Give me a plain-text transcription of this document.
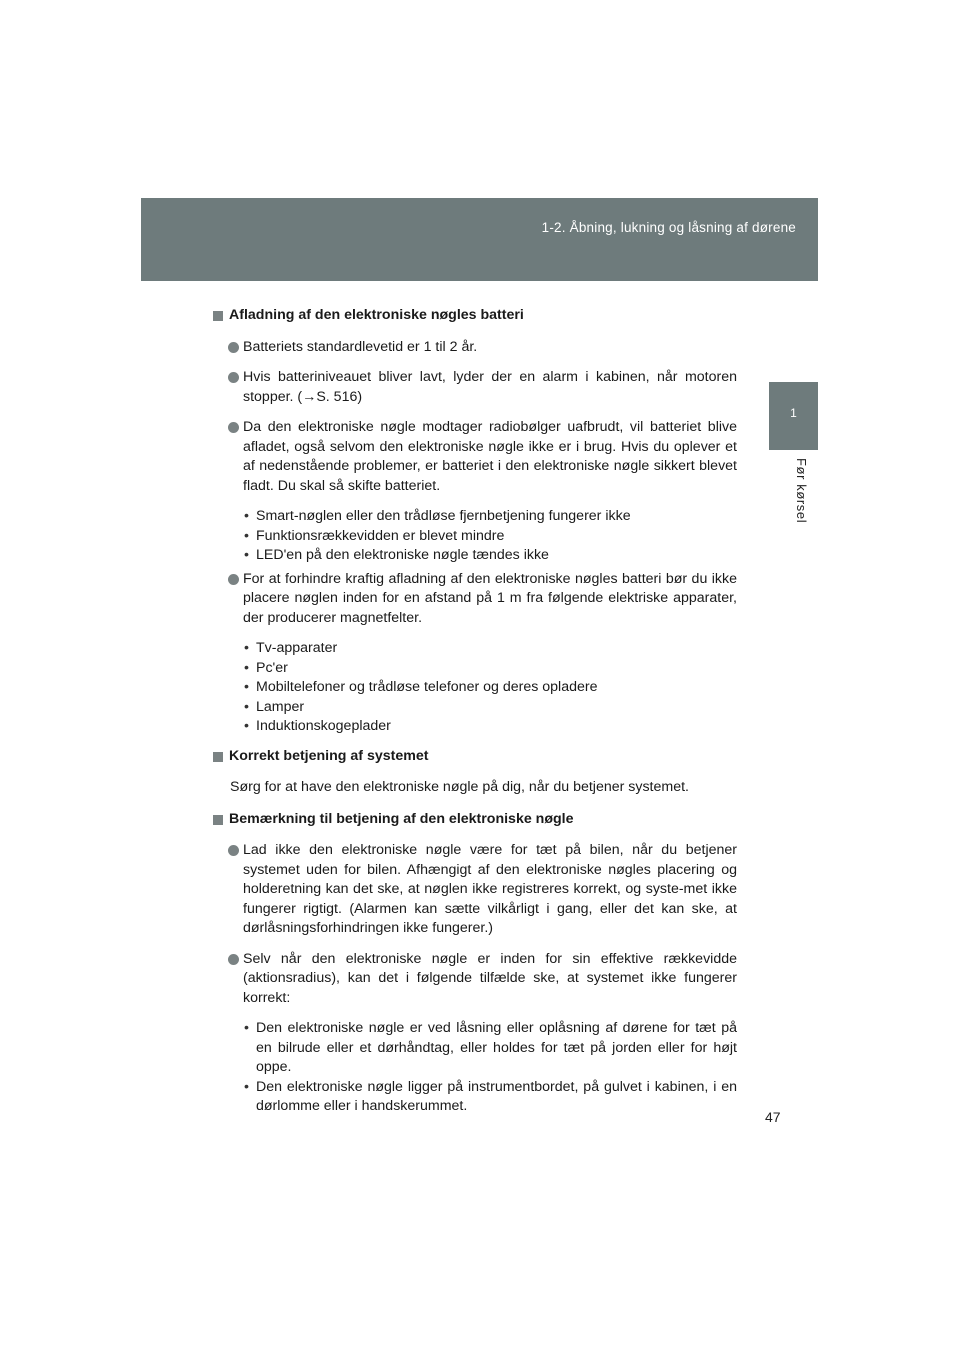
1-2. Åbning, lukning og låsning af dørene
1
Før kørsel
Afladning af den elektroniske nøgles batteri
Batteriets standardlevetid er 1 til 2 år.
Hvis batteriniveauet bliver lavt, lyder der en alarm i kabinen, når motoren stopper. (→S. 516)
Da den elektroniske nøgle modtager radiobølger uafbrudt, vil batteriet blive afladet, også selvom den elektroniske nøgle ikke er i brug. Hvis du oplever et af nedenstående problemer, er batteriet i den elektroniske nøgle sikkert blevet fladt. Du skal så skifte batteriet.
• Smart-nøglen eller den trådløse fjernbetjening fungerer ikke
• Funktionsrækkevidden er blevet mindre
• LED'en på den elektroniske nøgle tændes ikke
For at forhindre kraftig afladning af den elektroniske nøgles batteri bør du ikke placere nøglen inden for en afstand på 1 m fra følgende elektriske apparater, der producerer magnetfelter.
• Tv-apparater
• Pc'er
• Mobiltelefoner og trådløse telefoner og deres opladere
• Lamper
• Induktionskogeplader
Korrekt betjening af systemet
Sørg for at have den elektroniske nøgle på dig, når du betjener systemet.
Bemærkning til betjening af den elektroniske nøgle
Lad ikke den elektroniske nøgle være for tæt på bilen, når du betjener systemet uden for bilen. Afhængigt af den elektroniske nøgles placering og holderetning kan det ske, at nøglen ikke registreres korrekt, og syste-met ikke fungerer rigtigt. (Alarmen kan sætte vilkårligt i gang, eller det kan ske, at dørlåsningsforhindringen ikke fungerer.)
Selv når den elektroniske nøgle er inden for sin effektive rækkevidde (aktionsradius), kan det i følgende tilfælde ske, at systemet ikke fungerer korrekt:
• Den elektroniske nøgle er ved låsning eller oplåsning af dørene for tæt på en bilrude eller et dørhåndtag, eller holdes for tæt på jorden eller for højt oppe.
• Den elektroniske nøgle ligger på instrumentbordet, på gulvet i kabinen, i en dørlomme eller i handskerummet.
47
